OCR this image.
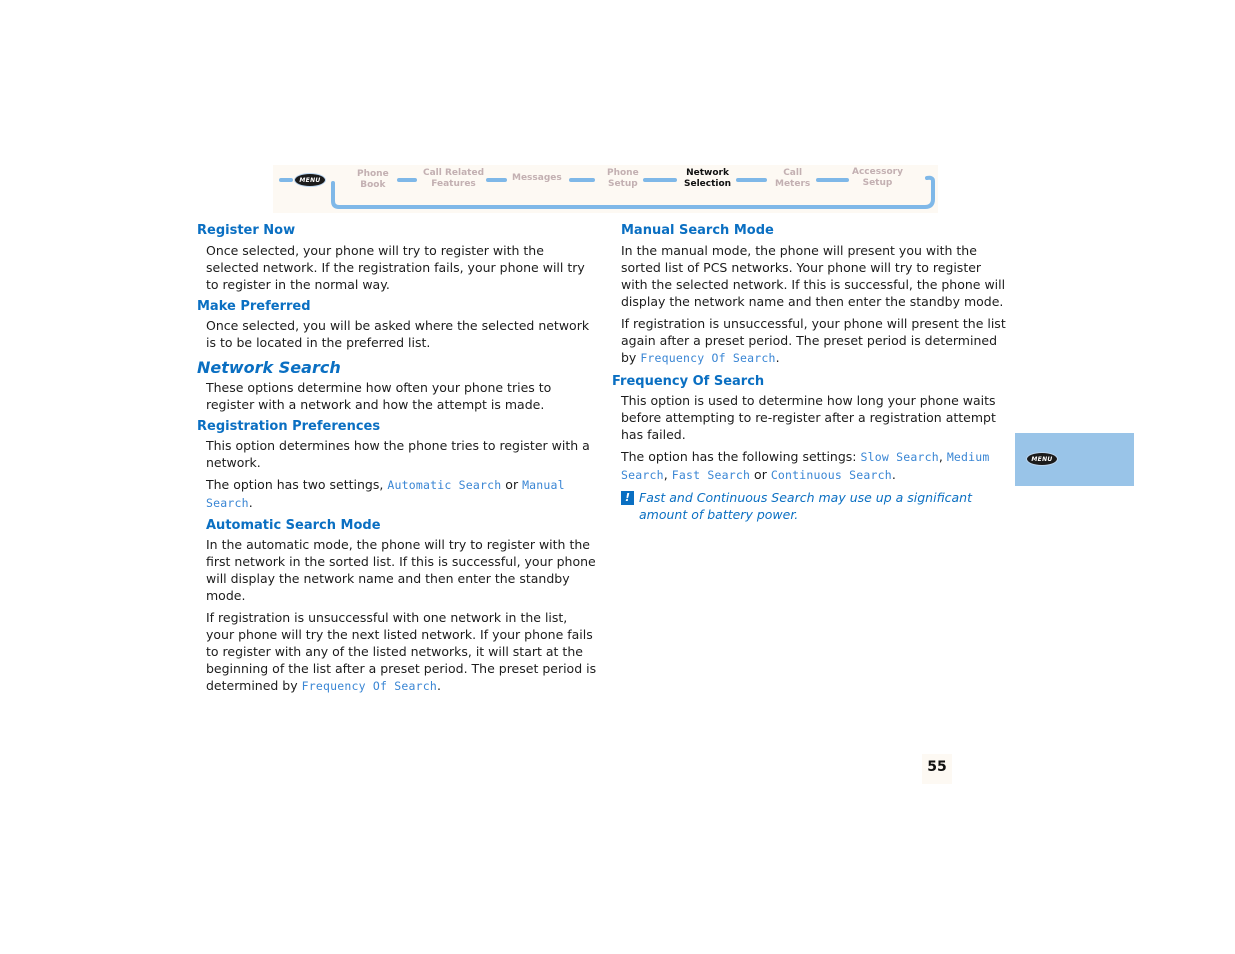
MENU
Phone
Book
Call Related
Features
Messages	Phone
Setup
Network
Selection
Call
Meters
Accessory
Setup
Register Now

Once selected, your phone will try to register with the selected network. If the registration fails, your phone will try to register in the normal way.

Make Preferred

Once selected, you will be asked where the selected network is to be located in the preferred list.

Network Search

These options determine how often your phone tries to register with a network and how the attempt is made.

Registration Preferences

This option determines how the phone tries to register with a network.

The option has two settings, Automatic Search or Manual Search.

Automatic Search Mode

In the automatic mode, the phone will try to register with the first network in the sorted list. If this is successful, your phone will display the network name and then enter the standby mode.

If registration is unsuccessful with one network in the list, your phone will try the next listed network. If your phone fails to register with any of the listed networks, it will start at the beginning of the list after a preset period. The preset period is determined by Frequency Of Search.

Manual Search Mode

In the manual mode, the phone will present you with the sorted list of PCS networks. Your phone will try to register with the selected network. If this is successful, the phone will display the network name and then enter the standby mode.

If registration is unsuccessful, your phone will present the list again after a preset period. The preset period is determined by Frequency Of Search.

Frequency Of Search

This option is used to determine how long your phone waits before attempting to re-register after a registration attempt has failed.

The option has the following settings: Slow Search, Medium Search, Fast Search or Continuous Search.

! Fast and Continuous Search may use up a significant amount of battery power.
MENU
55
